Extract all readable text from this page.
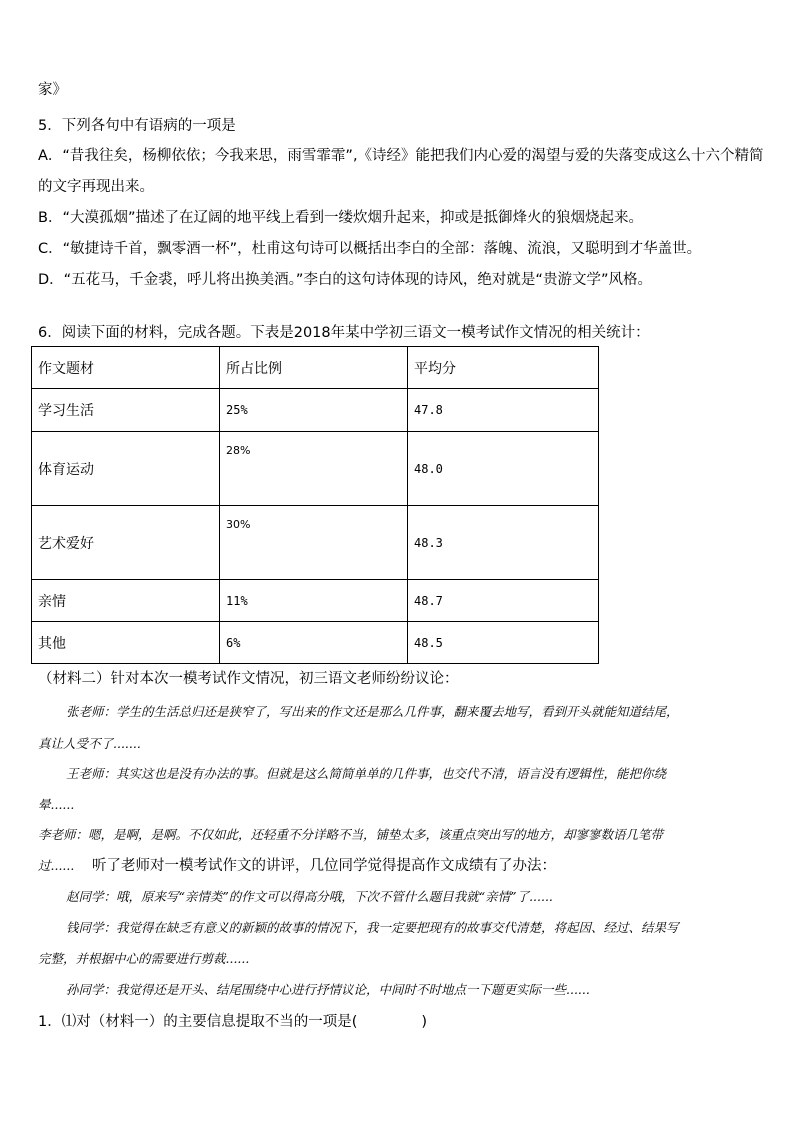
家》
5．下列各句中有语病的一项是
A．“昔我往矣，杨柳依依；今我来思，雨雪霏霏”,《诗经》能把我们内心爱的渴望与爱的失落变成这么十六个精简
的文字再现出来。
B．“大漠孤烟”描述了在辽阔的地平线上看到一缕炊烟升起来，抑或是抵御烽火的狼烟烧起来。
C．“敏捷诗千首，飘零酒一杯”，杜甫这句诗可以概括出李白的全部：落魄、流浪，又聪明到才华盖世。
D．“五花马，千金裘，呼儿将出换美酒。”李白的这句诗体现的诗风，绝对就是“贵游文学”风格。
6．阅读下面的材料，完成各题。下表是2018年某中学初三语文一模考试作文情况的相关统计：
作文题材	所占比例	平均分
学习生活	25%	47.8
体育运动	28%	48.0
艺术爱好	30%	48.3
亲情	11%	48.7
其他	6%	48.5
（材料二）针对本次一模考试作文情况，初三语文老师纷纷议论：
张老师：学生的生活总归还是狭窄了，写出来的作文还是那么几件事，翻来覆去地写，看到开头就能知道结尾，
真让人受不了.......
王老师：其实这也是没有办法的事。但就是这么简简单单的几件事，也交代不清，语言没有逻辑性，能把你绕
晕......
李老师：嗯，是啊，是啊。不仅如此，还轻重不分详略不当，铺垫太多，该重点突出写的地方，却寥寥数语几笔带
过...... 听了老师对一模考试作文的讲评，几位同学觉得提高作文成绩有了办法：
赵同学：哦，原来写“亲情类”的作文可以得高分哦，下次不管什么题目我就“亲情”了......
钱同学：我觉得在缺乏有意义的新颖的故事的情况下，我一定要把现有的故事交代清楚，将起因、经过、结果写
完整，并根据中心的需要进行剪裁......
孙同学：我觉得还是开头、结尾围绕中心进行抒情议论，中间时不时地点一下题更实际一些......
1．⑴对（材料一）的主要信息提取不当的一项是(	)
